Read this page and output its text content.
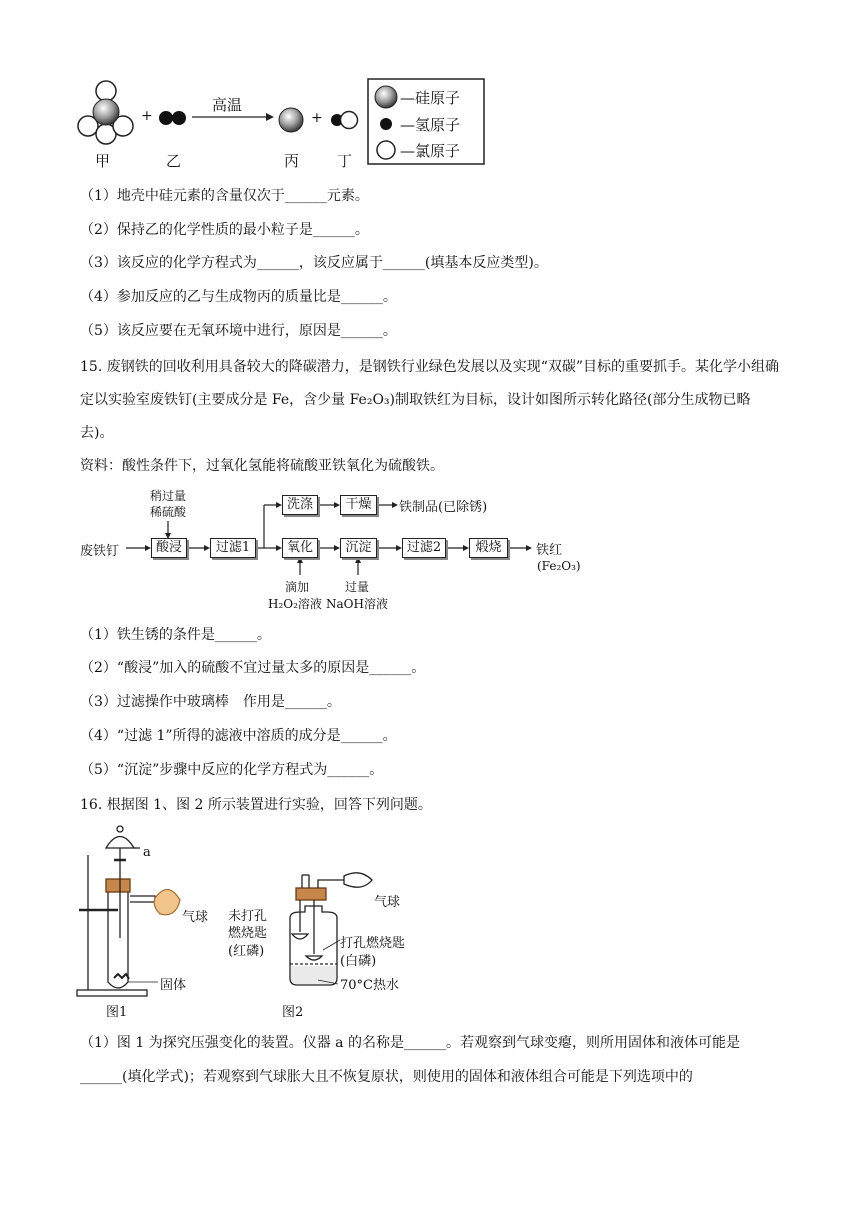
+	+
高温
甲	乙	丙	丁
—硅原子
—氢原子
—氯原子
（1）地壳中硅元素的含量仅次于______元素。
（2）保持乙的化学性质的最小粒子是______。
（3）该反应的化学方程式为______，该反应属于______(填基本反应类型)。
（4）参加反应的乙与生成物丙的质量比是______。
（5）该反应要在无氧环境中进行，原因是______。
15. 废钢铁的回收利用具备较大的降碳潜力，是钢铁行业绿色发展以及实现“双碳”目标的重要抓手。某化学小组确定以实验室废铁钉(主要成分是 Fe，含少量 Fe₂O₃)制取铁红为目标，设计如图所示转化路径(部分生成物已略去)。
资料：酸性条件下，过氧化氢能将硫酸亚铁氧化为硫酸铁。
稍过量
稀硫酸
废铁钉	酸浸	过滤1
洗涤	干燥	铁制品(已除锈)
氧化	沉淀	过滤2	煅烧	铁红
(Fe₂O₃)
滴加
H₂O₂溶液
过量
NaOH溶液
（1）铁生锈的条件是______。
（2）“酸浸”加入的硫酸不宜过量太多的原因是______。
（3）过滤操作中玻璃棒　作用是______。
（4）“过滤 1”所得的滤液中溶质的成分是______。
（5）“沉淀”步骤中反应的化学方程式为______。
16. 根据图 1、图 2 所示装置进行实验，回答下列问题。
a
气球
固体
图1
气球
未打孔
燃烧匙
(红磷)
打孔燃烧匙
(白磷)
70°C热水
图2
（1）图 1 为探究压强变化的装置。仪器 a 的名称是______。若观察到气球变瘪，则所用固体和液体可能是______(填化学式)；若观察到气球胀大且不恢复原状，则使用的固体和液体组合可能是下列选项中的
